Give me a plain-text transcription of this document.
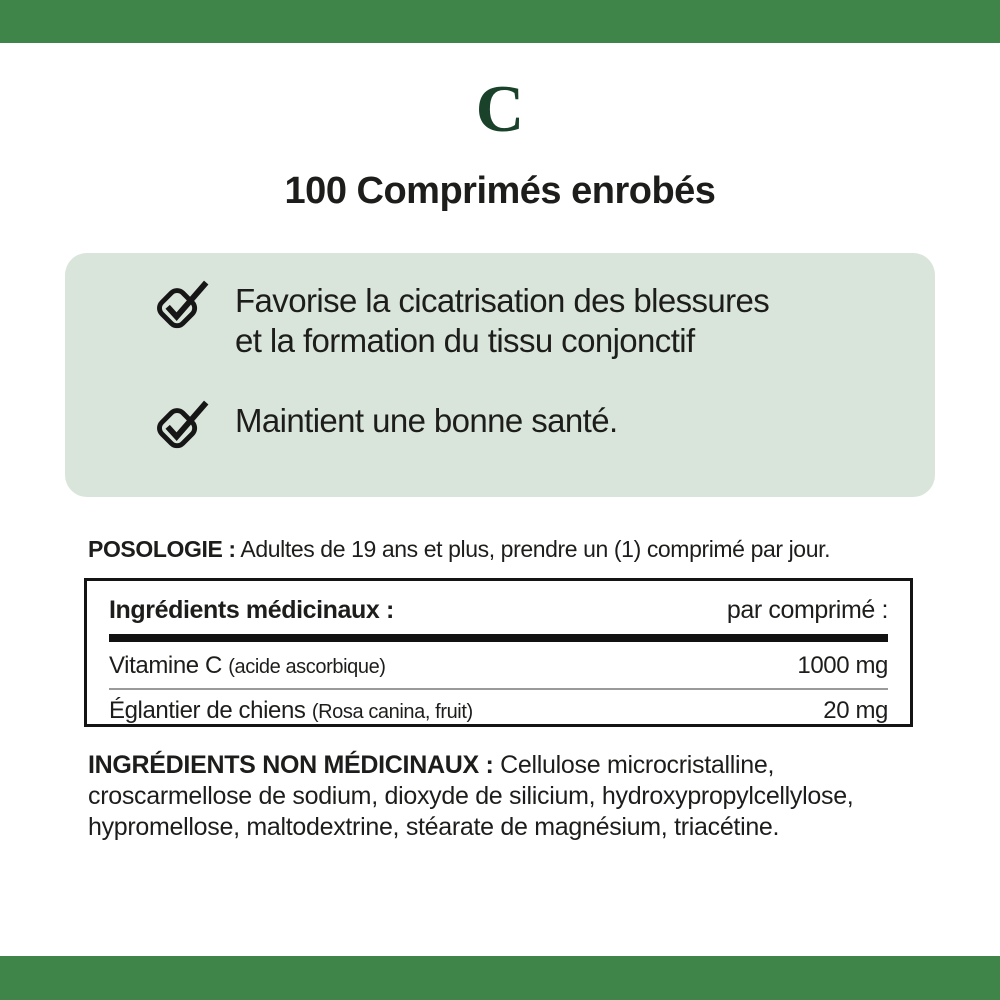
C
100 Comprimés enrobés
Favorise la cicatrisation des blessures
et la formation du tissu conjonctif
Maintient une bonne santé.
POSOLOGIE : Adultes de 19 ans et plus, prendre un (1) comprimé par jour.
Ingrédients médicinaux :	par comprimé :
Vitamine C (acide ascorbique)	1000 mg
Églantier de chiens (Rosa canina, fruit)	20 mg
INGRÉDIENTS NON MÉDICINAUX : Cellulose microcristalline, croscarmellose de sodium, dioxyde de silicium, hydroxypropylcellylose, hypromellose, maltodextrine, stéarate de magnésium, triacétine.
